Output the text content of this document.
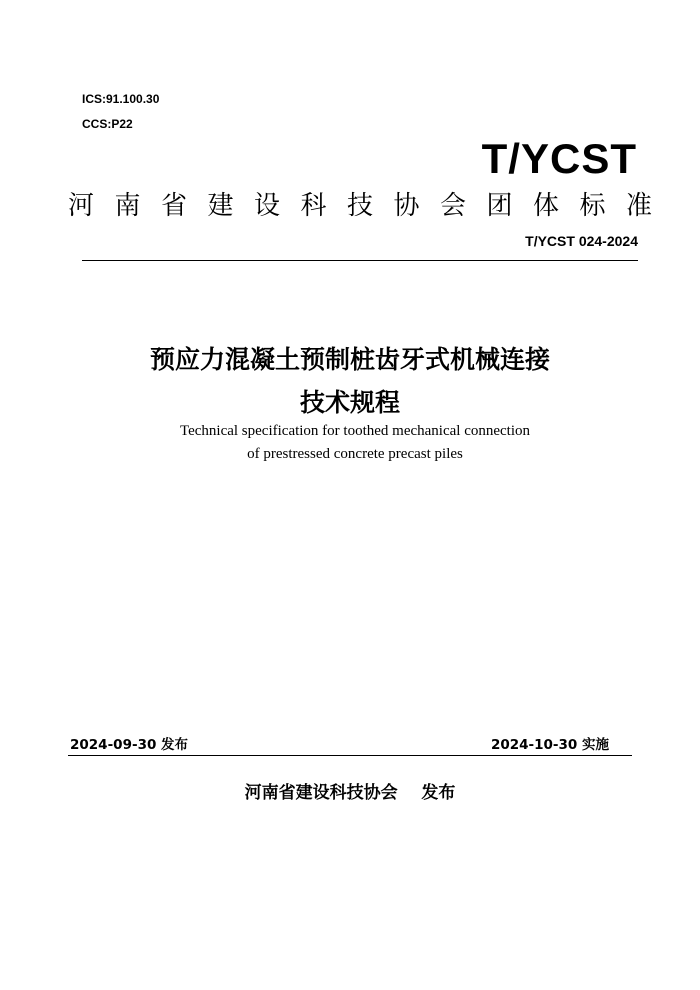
ICS:91.100.30
CCS:P22
T/YCST
河南省建设科技协会团体标准
T/YCST 024-2024
预应力混凝土预制桩齿牙式机械连接
技术规程
Technical specification for toothed mechanical connection
of prestressed concrete precast piles
2024-09-30 发布	2024-10-30 实施
河南省建设科技协会    发布
